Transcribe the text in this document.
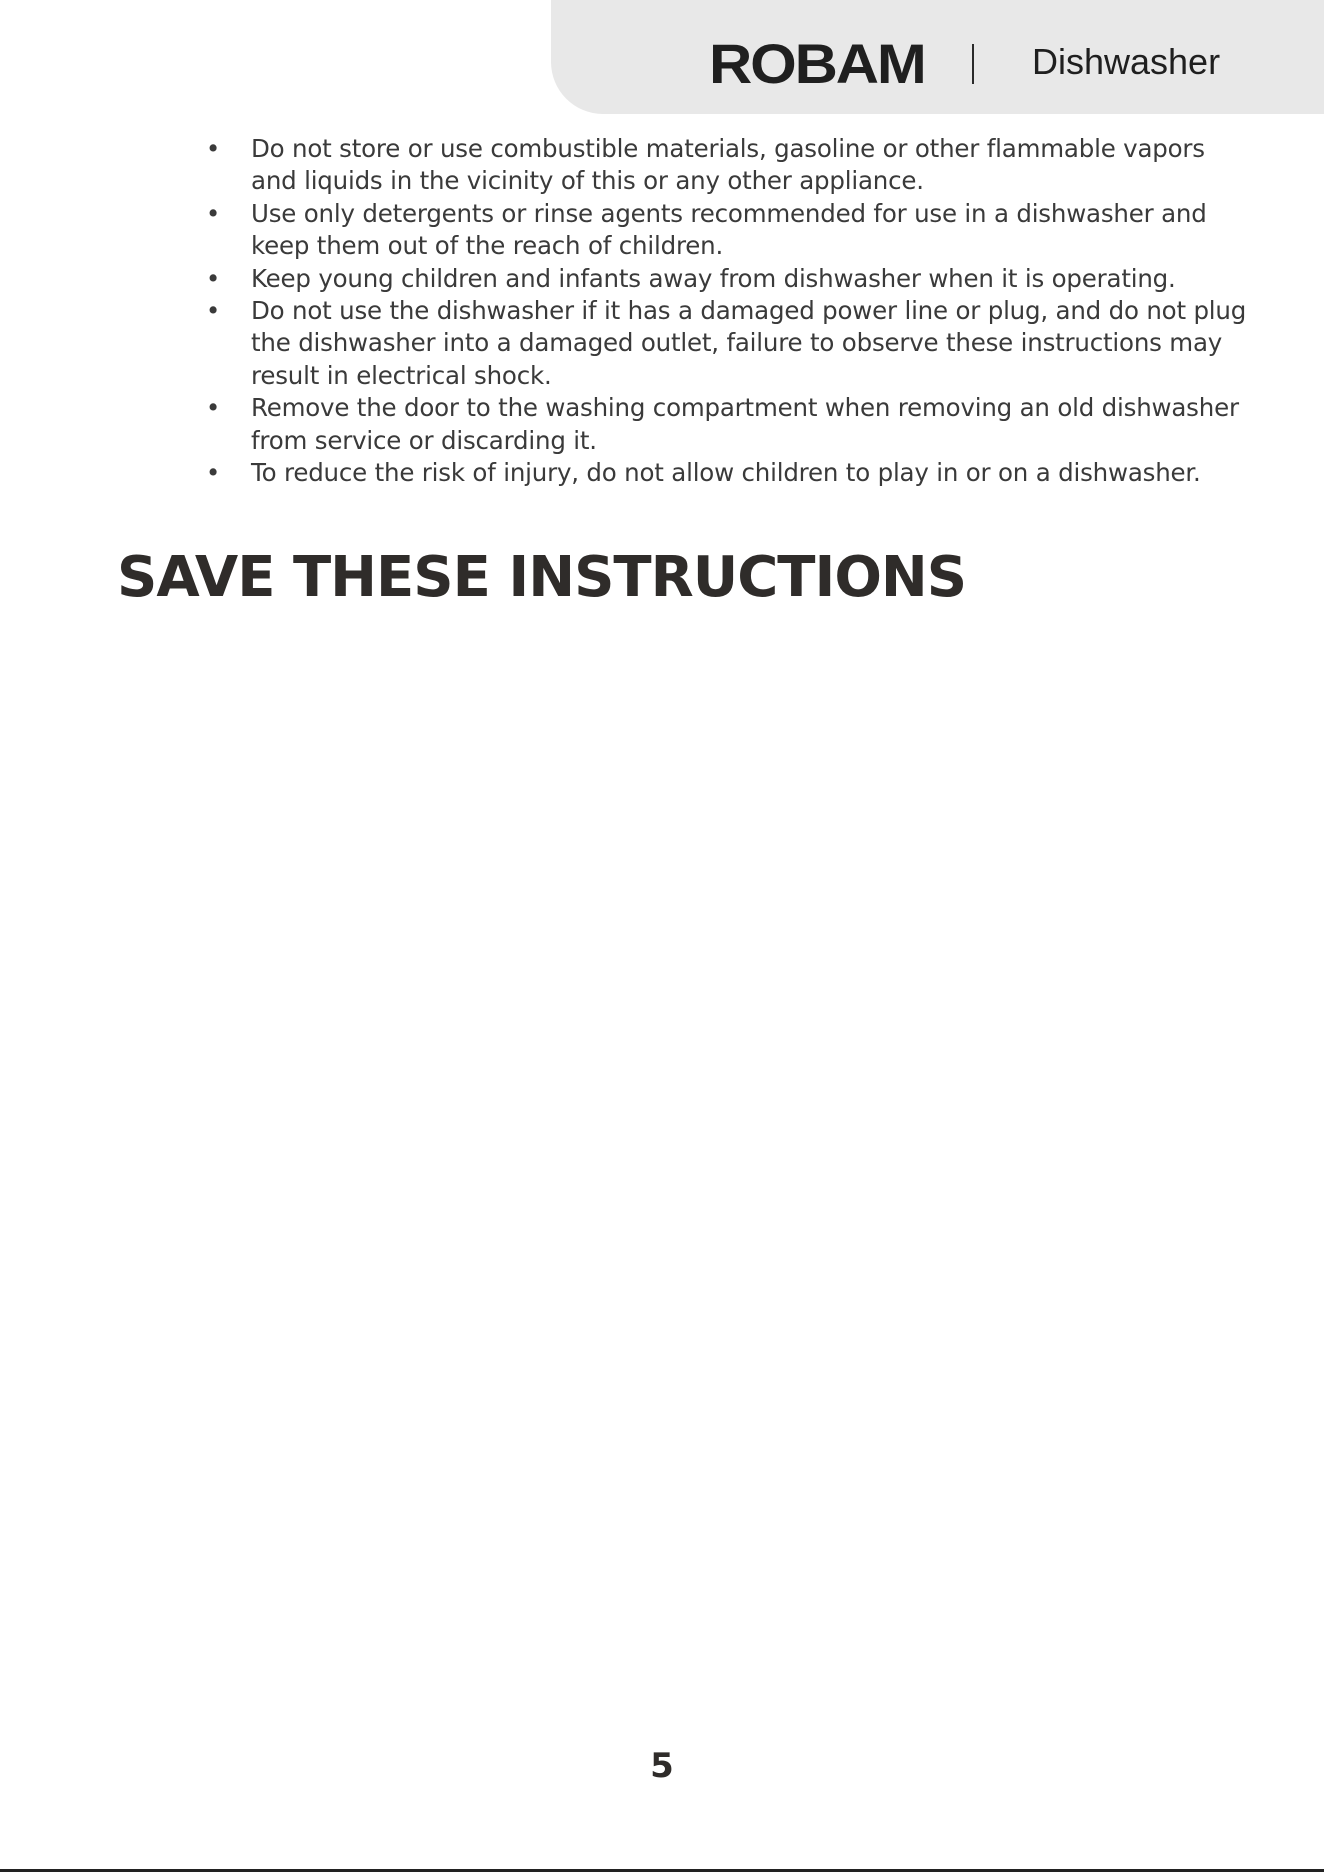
ROBAM	Dishwasher
• Do not store or use combustible materials, gasoline or other flammable vapors and liquids in the vicinity of this or any other appliance.
• Use only detergents or rinse agents recommended for use in a dishwasher and keep them out of the reach of children.
• Keep young children and infants away from dishwasher when it is operating.
• Do not use the dishwasher if it has a damaged power line or plug, and do not plug the dishwasher into a damaged outlet, failure to observe these instructions may result in electrical shock.
• Remove the door to the washing compartment when removing an old dishwasher from service or discarding it.
• To reduce the risk of injury, do not allow children to play in or on a dishwasher.
SAVE THESE INSTRUCTIONS
5
